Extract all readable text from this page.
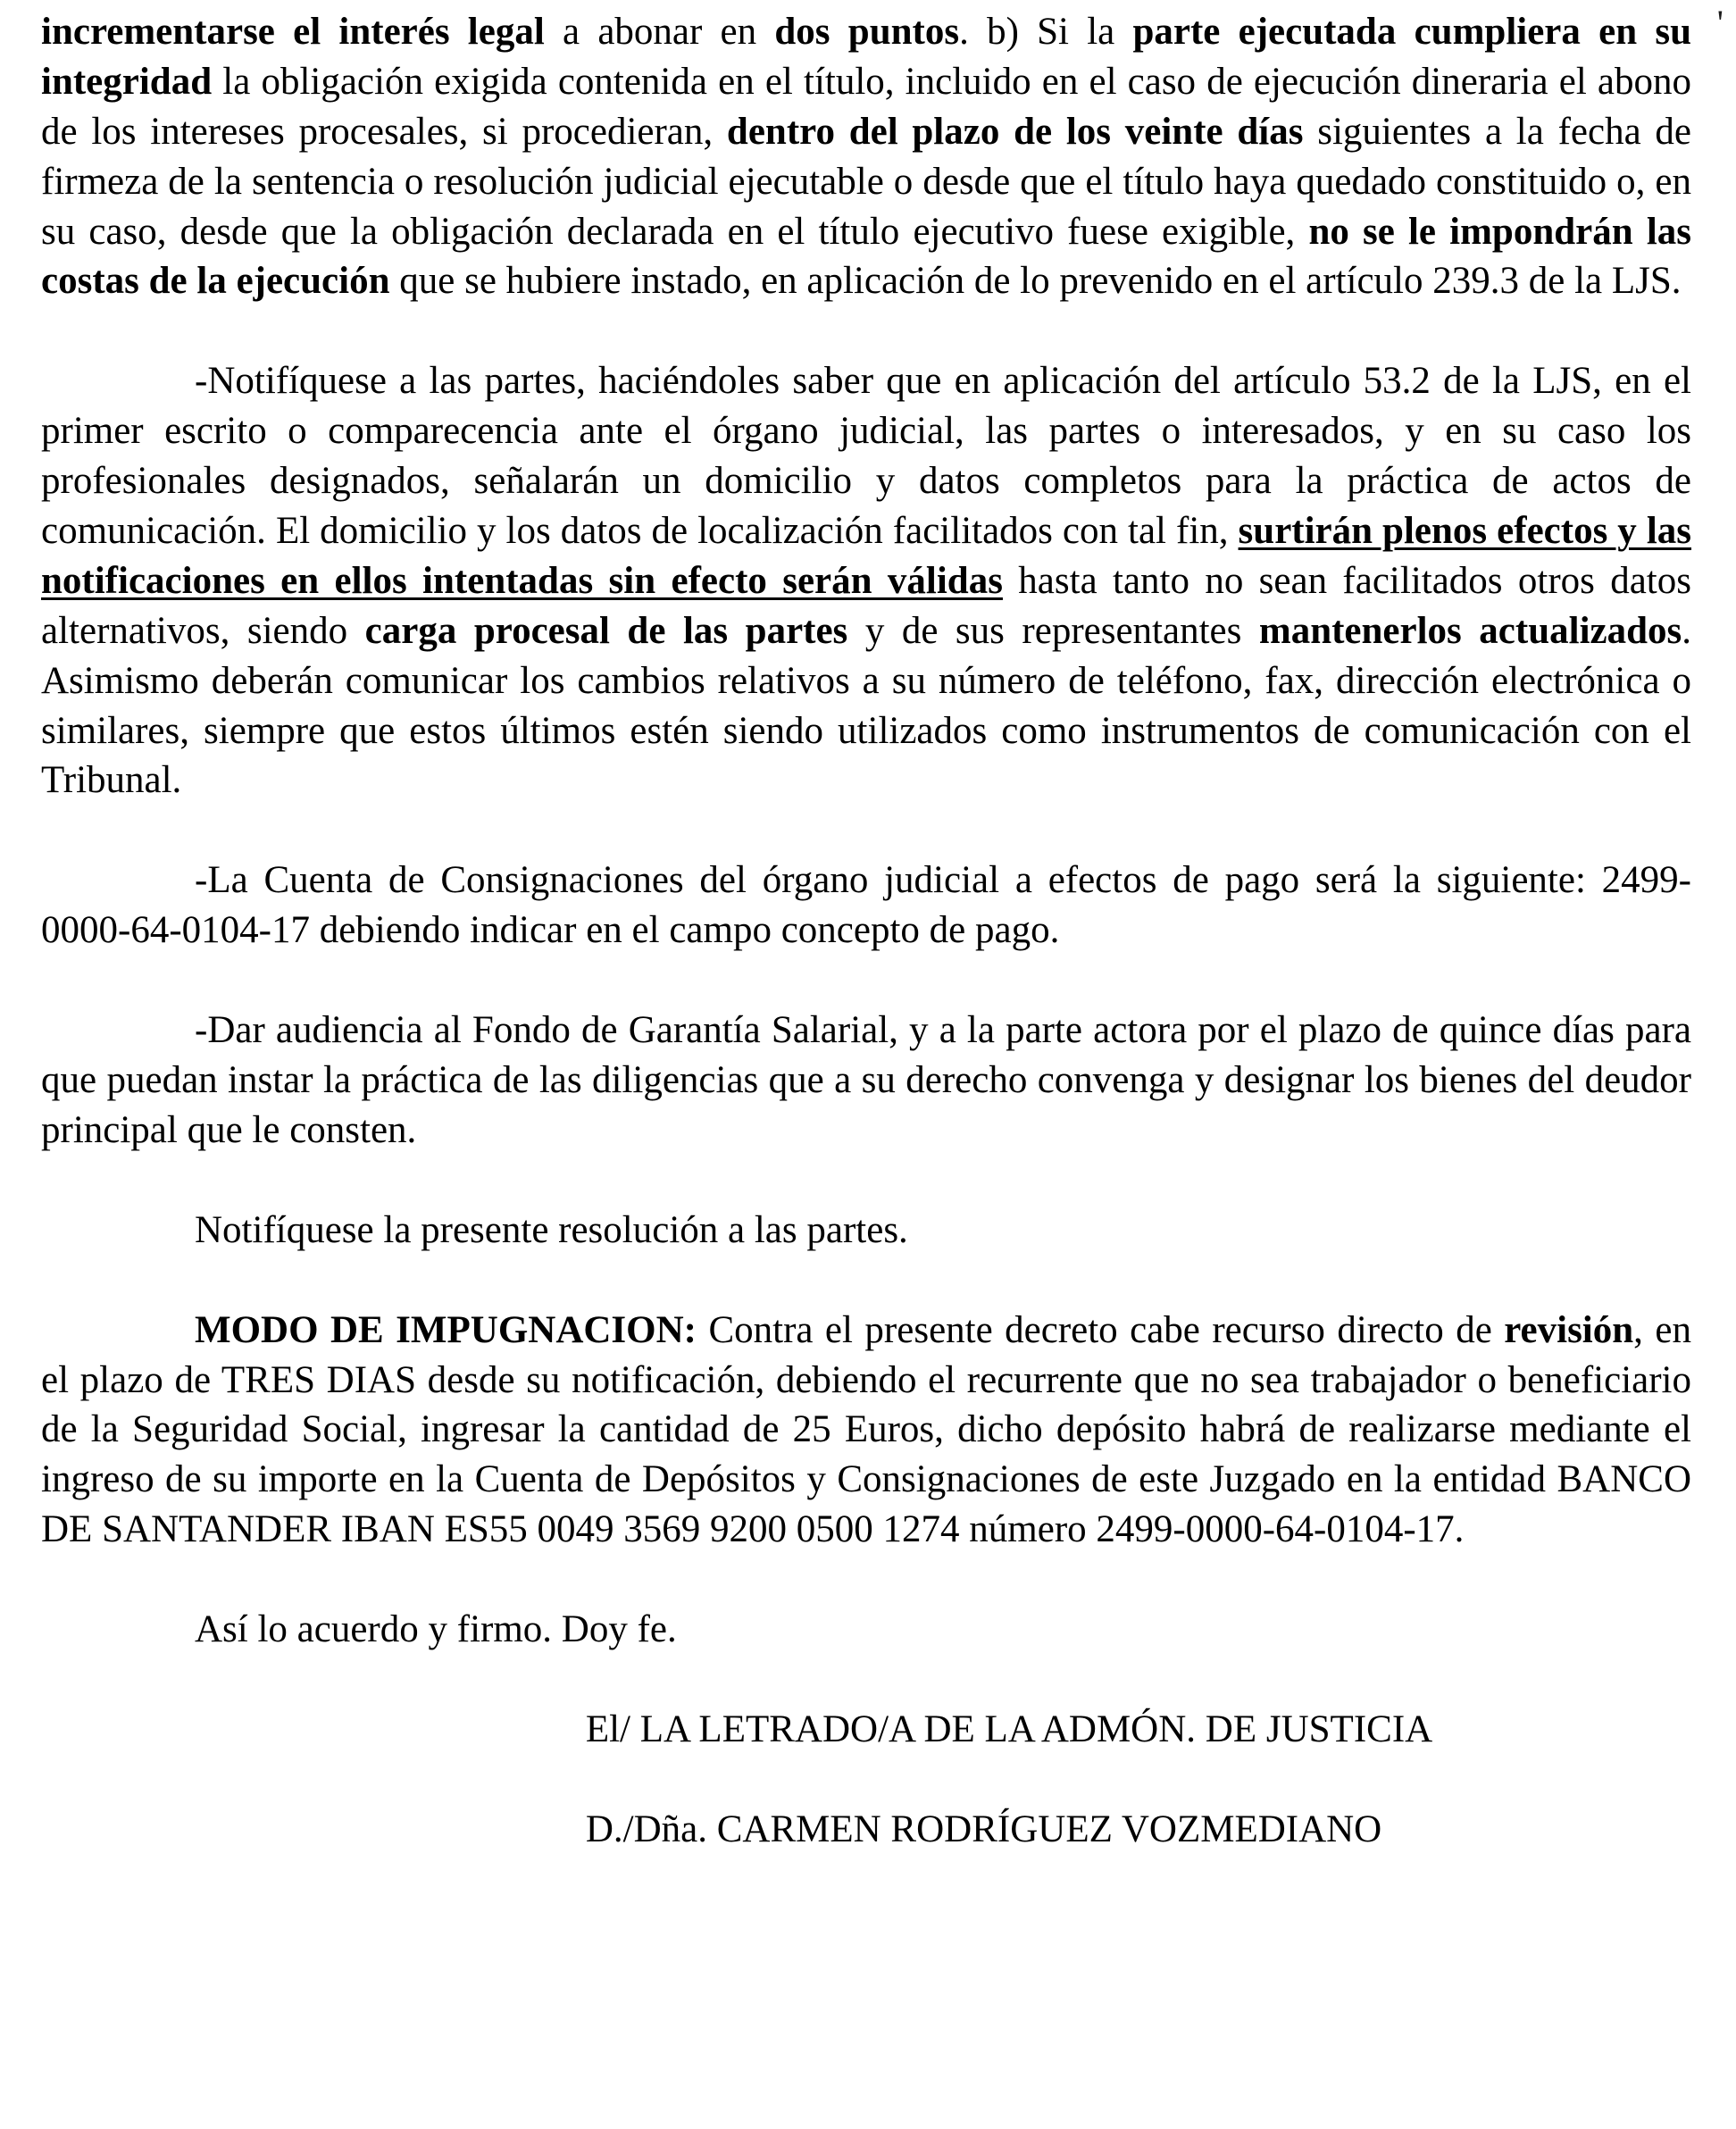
'

incrementarse el interés legal a abonar en dos puntos. b) Si la parte ejecutada cumpliera en su integridad la obligación exigida contenida en el título, incluido en el caso de ejecución dineraria el abono de los intereses procesales, si procedieran, dentro del plazo de los veinte días siguientes a la fecha de firmeza de la sentencia o resolución judicial ejecutable o desde que el título haya quedado constituido o, en su caso, desde que la obligación declarada en el título ejecutivo fuese exigible, no se le impondrán las costas de la ejecución que se hubiere instado, en aplicación de lo prevenido en el artículo 239.3 de la LJS.

-Notifíquese a las partes, haciéndoles saber que en aplicación del artículo 53.2 de la LJS, en el primer escrito o comparecencia ante el órgano judicial, las partes o interesados, y en su caso los profesionales designados, señalarán un domicilio y datos completos para la práctica de actos de comunicación. El domicilio y los datos de localización facilitados con tal fin, surtirán plenos efectos y las notificaciones en ellos intentadas sin efecto serán válidas hasta tanto no sean facilitados otros datos alternativos, siendo carga procesal de las partes y de sus representantes mantenerlos actualizados. Asimismo deberán comunicar los cambios relativos a su número de teléfono, fax, dirección electrónica o similares, siempre que estos últimos estén siendo utilizados como instrumentos de comunicación con el Tribunal.

-La Cuenta de Consignaciones del órgano judicial a efectos de pago será la siguiente: 2499-0000-64-0104-17 debiendo indicar en el campo concepto de pago.

-Dar audiencia al Fondo de Garantía Salarial, y a la parte actora por el plazo de quince días para que puedan instar la práctica de las diligencias que a su derecho convenga y designar los bienes del deudor principal que le consten.

Notifíquese la presente resolución a las partes.

MODO DE IMPUGNACION: Contra el presente decreto cabe recurso directo de revisión, en el plazo de TRES DIAS desde su notificación, debiendo el recurrente que no sea trabajador o beneficiario de la Seguridad Social, ingresar la cantidad de 25 Euros, dicho depósito habrá de realizarse mediante el ingreso de su importe en la Cuenta de Depósitos y Consignaciones de este Juzgado en la entidad BANCO DE SANTANDER IBAN ES55 0049 3569 9200 0500 1274 número 2499-0000-64-0104-17.

Así lo acuerdo y firmo. Doy fe.

El/ LA LETRADO/A DE LA ADMÓN. DE JUSTICIA

D./Dña. CARMEN RODRÍGUEZ VOZMEDIANO
